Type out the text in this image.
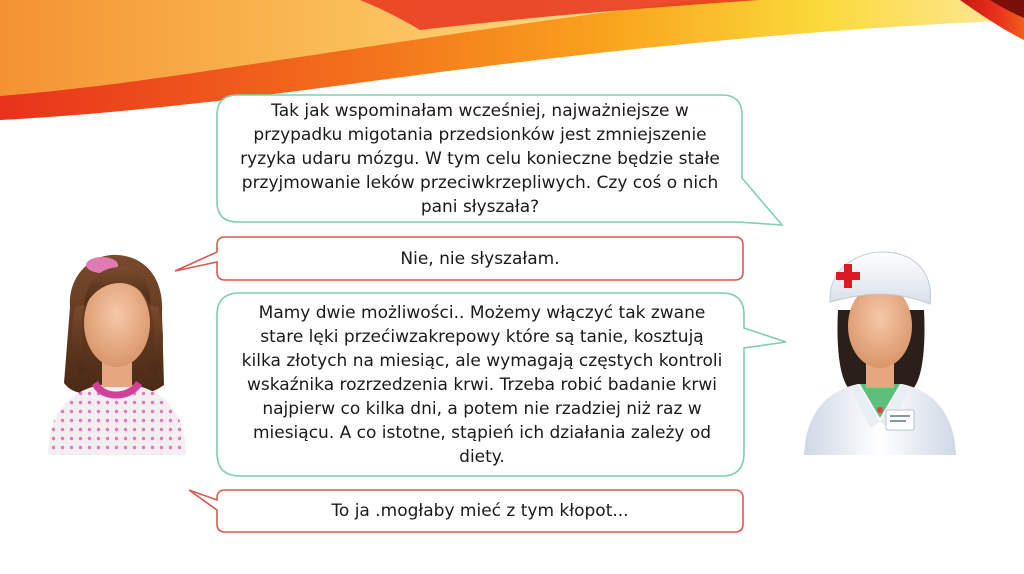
Tak jak wspominałam wcześniej, najważniejsze w przypadku migotania przedsionków jest zmniejszenie ryzyka udaru mózgu. W tym celu konieczne będzie stałe przyjmowanie leków przeciwkrzepliwych. Czy coś o nich pani słyszała?
Nie, nie słyszałam.
Mamy dwie możliwości.. Możemy włączyć tak zwane stare lęki przećiwzakrepowy które są tanie, kosztują kilka złotych na miesiąc, ale wymagają częstych kontroli wskaźnika rozrzedzenia krwi. Trzeba robić badanie krwi najpierw co kilka dni, a potem nie rzadziej niż raz w miesiącu. A co istotne, stąpień ich działania zależy od diety.
To ja .mogłaby mieć z tym kłopot...
